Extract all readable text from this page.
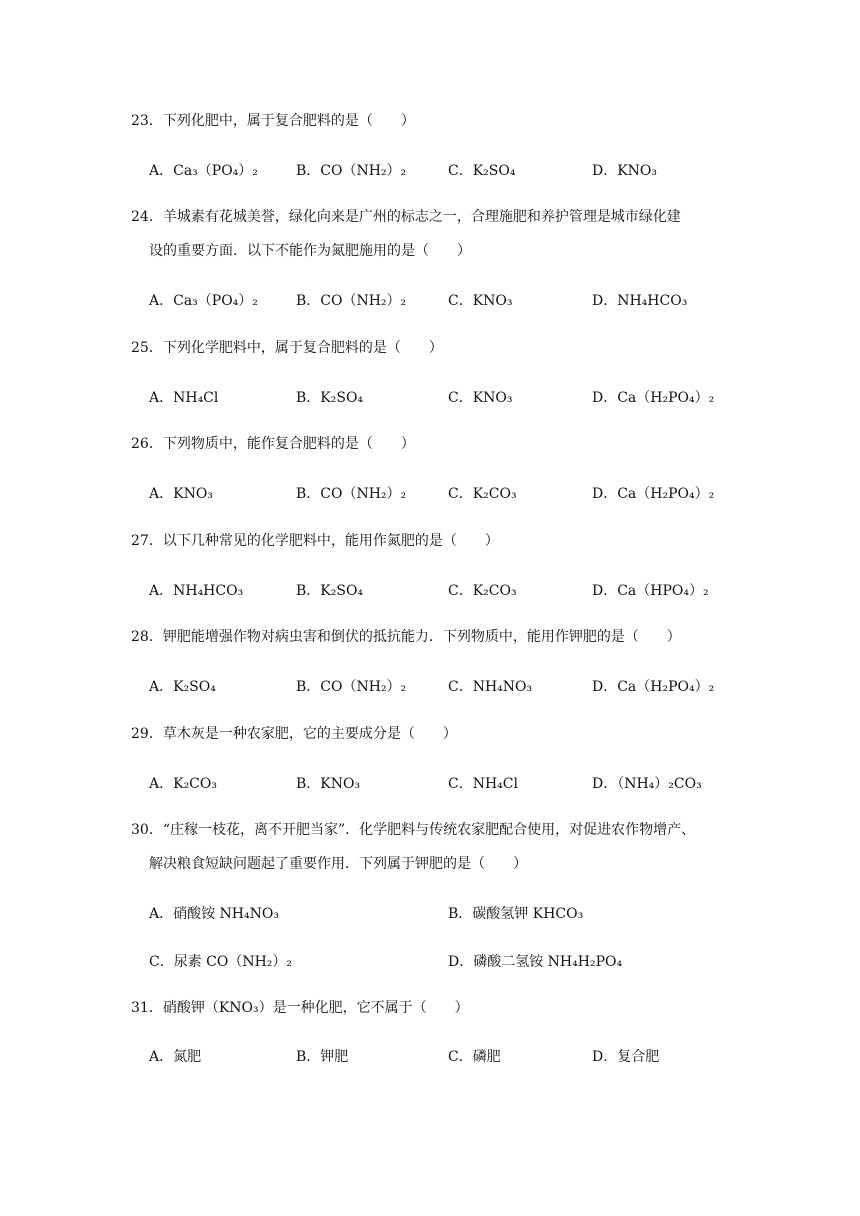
23．下列化肥中，属于复合肥料的是（　　）
A．Ca₃（PO₄）₂	B．CO（NH₂）₂	C．K₂SO₄	D．KNO₃
24．羊城素有花城美誉，绿化向来是广州的标志之一，合理施肥和养护管理是城市绿化建
设的重要方面．以下不能作为氮肥施用的是（　　）
A．Ca₃（PO₄）₂	B．CO（NH₂）₂	C．KNO₃	D．NH₄HCO₃
25．下列化学肥料中，属于复合肥料的是（　　）
A．NH₄Cl	B．K₂SO₄	C．KNO₃	D．Ca（H₂PO₄）₂
26．下列物质中，能作复合肥料的是（　　）
A．KNO₃	B．CO（NH₂）₂	C．K₂CO₃	D．Ca（H₂PO₄）₂
27．以下几种常见的化学肥料中，能用作氮肥的是（　　）
A．NH₄HCO₃	B．K₂SO₄	C．K₂CO₃	D．Ca（HPO₄）₂
28．钾肥能增强作物对病虫害和倒伏的抵抗能力．下列物质中，能用作钾肥的是（　　）
A．K₂SO₄	B．CO（NH₂）₂	C．NH₄NO₃	D．Ca（H₂PO₄）₂
29．草木灰是一种农家肥，它的主要成分是（　　）
A．K₂CO₃	B．KNO₃	C．NH₄Cl	D．（NH₄）₂CO₃
30．“庄稼一枝花，离不开肥当家”．化学肥料与传统农家肥配合使用，对促进农作物增产、
解决粮食短缺问题起了重要作用．下列属于钾肥的是（　　）
A．硝酸铵 NH₄NO₃	B．碳酸氢钾 KHCO₃
C．尿素 CO（NH₂）₂	D．磷酸二氢铵 NH₄H₂PO₄
31．硝酸钾（KNO₃）是一种化肥，它不属于（　　）
A．氮肥	B．钾肥	C．磷肥	D．复合肥
